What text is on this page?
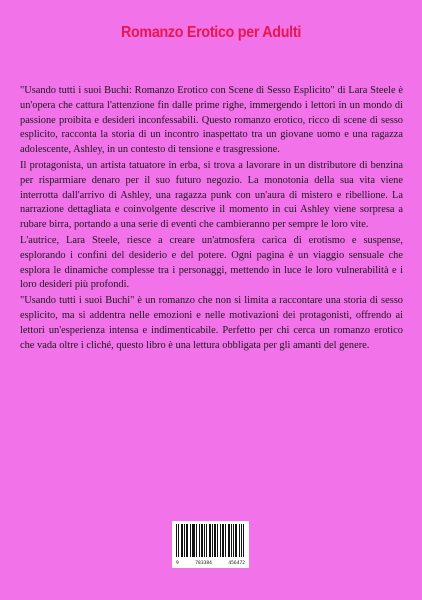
Romanzo Erotico per Adulti

"Usando tutti i suoi Buchi: Romanzo Erotico con Scene di Sesso Esplicito" di Lara Steele è un'opera che cattura l'attenzione fin dalle prime righe, immergendo i lettori in un mondo di passione proibita e desideri inconfessabili. Questo romanzo erotico, ricco di scene di sesso esplicito, racconta la storia di un incontro inaspettato tra un giovane uomo e una ragazza adolescente, Ashley, in un contesto di tensione e trasgressione.

Il protagonista, un artista tatuatore in erba, si trova a lavorare in un distributore di benzina per risparmiare denaro per il suo futuro negozio. La monotonia della sua vita viene interrotta dall'arrivo di Ashley, una ragazza punk con un'aura di mistero e ribellione. La narrazione dettagliata e coinvolgente descrive il momento in cui Ashley viene sorpresa a rubare birra, portando a una serie di eventi che cambieranno per sempre le loro vite.

L'autrice, Lara Steele, riesce a creare un'atmosfera carica di erotismo e suspense, esplorando i confini del desiderio e del potere. Ogni pagina è un viaggio sensuale che esplora le dinamiche complesse tra i personaggi, mettendo in luce le loro vulnerabilità e i loro desideri più profondi.

"Usando tutti i suoi Buchi" è un romanzo che non si limita a raccontare una storia di sesso esplicito, ma si addentra nelle emozioni e nelle motivazioni dei protagonisti, offrendo ai lettori un'esperienza intensa e indimenticabile. Perfetto per chi cerca un romanzo erotico che vada oltre i cliché, questo libro è una lettura obbligata per gli amanti del genere.

9	783384	456472
